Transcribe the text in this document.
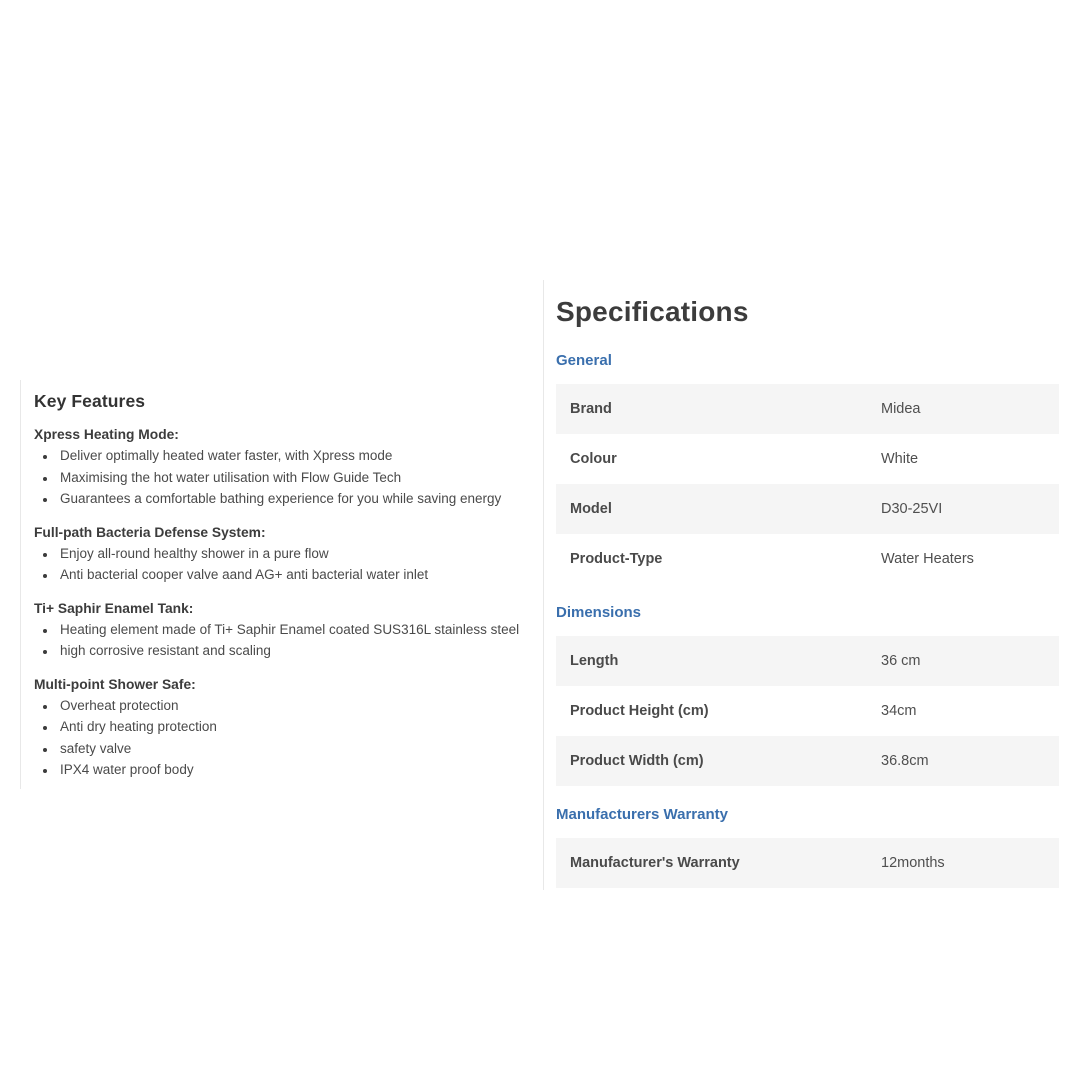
Key Features
Xpress Heating Mode:
• Deliver optimally heated water faster, with Xpress mode
• Maximising the hot water utilisation with Flow Guide Tech
• Guarantees a comfortable bathing experience for you while saving energy
Full-path Bacteria Defense System:
• Enjoy all-round healthy shower in a pure flow
• Anti bacterial cooper valve aand AG+ anti bacterial water inlet
Ti+ Saphir Enamel Tank:
• Heating element made of Ti+ Saphir Enamel coated SUS316L stainless steel
• high corrosive resistant and scaling
Multi-point Shower Safe:
• Overheat protection
• Anti dry heating protection
• safety valve
• IPX4 water proof body
Specifications
General
Brand	Midea
Colour	White
Model	D30-25VI
Product-Type	Water Heaters
Dimensions
Length	36 cm
Product Height (cm)	34cm
Product Width (cm)	36.8cm
Manufacturers Warranty
Manufacturer's Warranty	12months
